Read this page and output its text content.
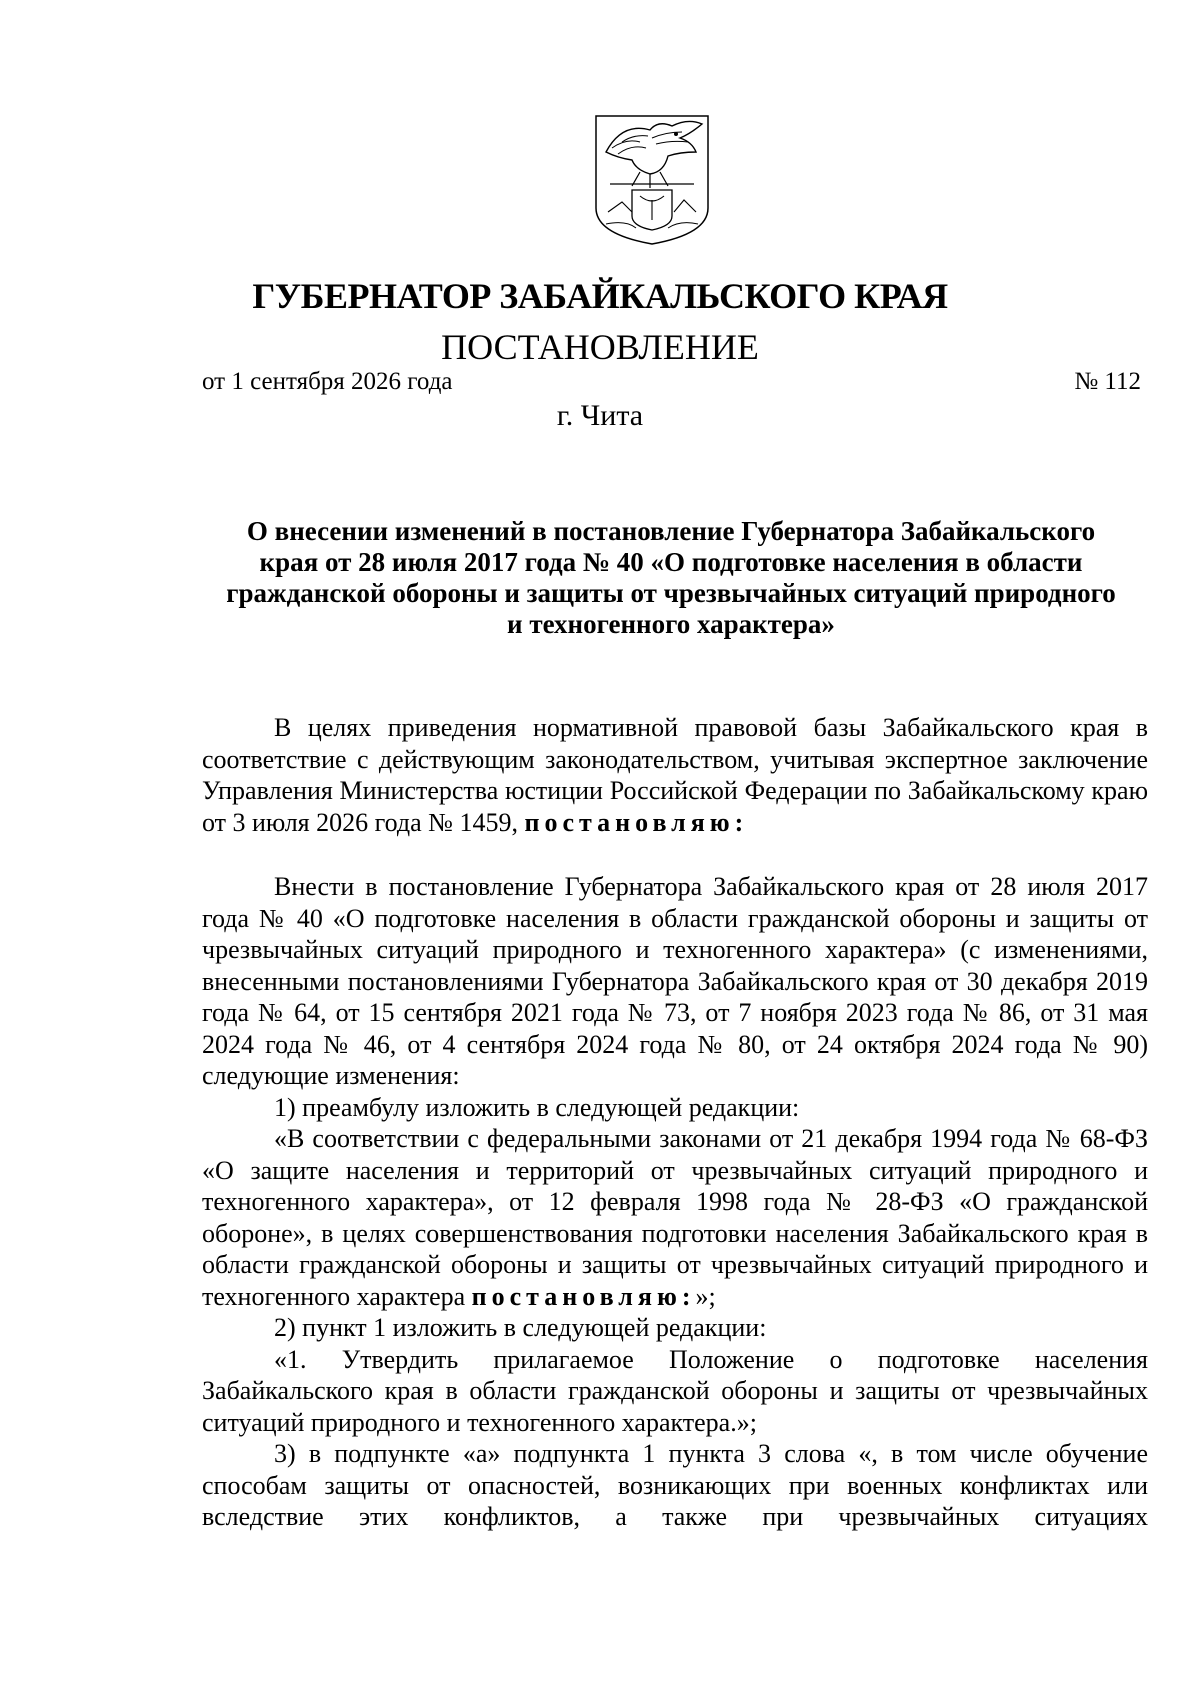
ГУБЕРНАТОР ЗАБАЙКАЛЬСКОГО КРАЯ
ПОСТАНОВЛЕНИЕ
от 1 сентября 2026 года	№ 112
г. Чита
О внесении изменений в постановление Губернатора Забайкальского
края от 28 июля 2017 года № 40 «О подготовке населения в области
гражданской обороны и защиты от чрезвычайных ситуаций природного
и техногенного характера»

В целях приведения нормативной правовой базы Забайкальского края в соответствие с действующим законодательством, учитывая экспертное заключение Управления Министерства юстиции Российской Федерации по Забайкальскому краю от 3 июля 2026 года № 1459, постановляю:

Внести в постановление Губернатора Забайкальского края от 28 июля 2017 года № 40 «О подготовке населения в области гражданской обороны и защиты от чрезвычайных ситуаций природного и техногенного характера» (с изменениями, внесенными постановлениями Губернатора Забайкальского края от 30 декабря 2019 года № 64, от 15 сентября 2021 года № 73, от 7 ноября 2023 года № 86, от 31 мая 2024 года № 46, от 4 сентября 2024 года № 80, от 24 октября 2024 года № 90) следующие изменения:

1) преамбулу изложить в следующей редакции:

«В соответствии с федеральными законами от 21 декабря 1994 года № 68-ФЗ «О защите населения и территорий от чрезвычайных ситуаций природного и техногенного характера», от 12 февраля 1998 года № 28-ФЗ «О гражданской обороне», в целях совершенствования подготовки населения Забайкальского края в области гражданской обороны и защиты от чрезвычайных ситуаций природного и техногенного характера постановляю:»;

2) пункт 1 изложить в следующей редакции:

«1. Утвердить прилагаемое Положение о подготовке населения Забайкальского края в области гражданской обороны и защиты от чрезвычайных ситуаций природного и техногенного характера.»;

3) в подпункте «а» подпункта 1 пункта 3 слова «, в том числе обучение способам защиты от опасностей, возникающих при военных конфликтах или вследствие этих конфликтов, а также при чрезвычайных ситуациях
